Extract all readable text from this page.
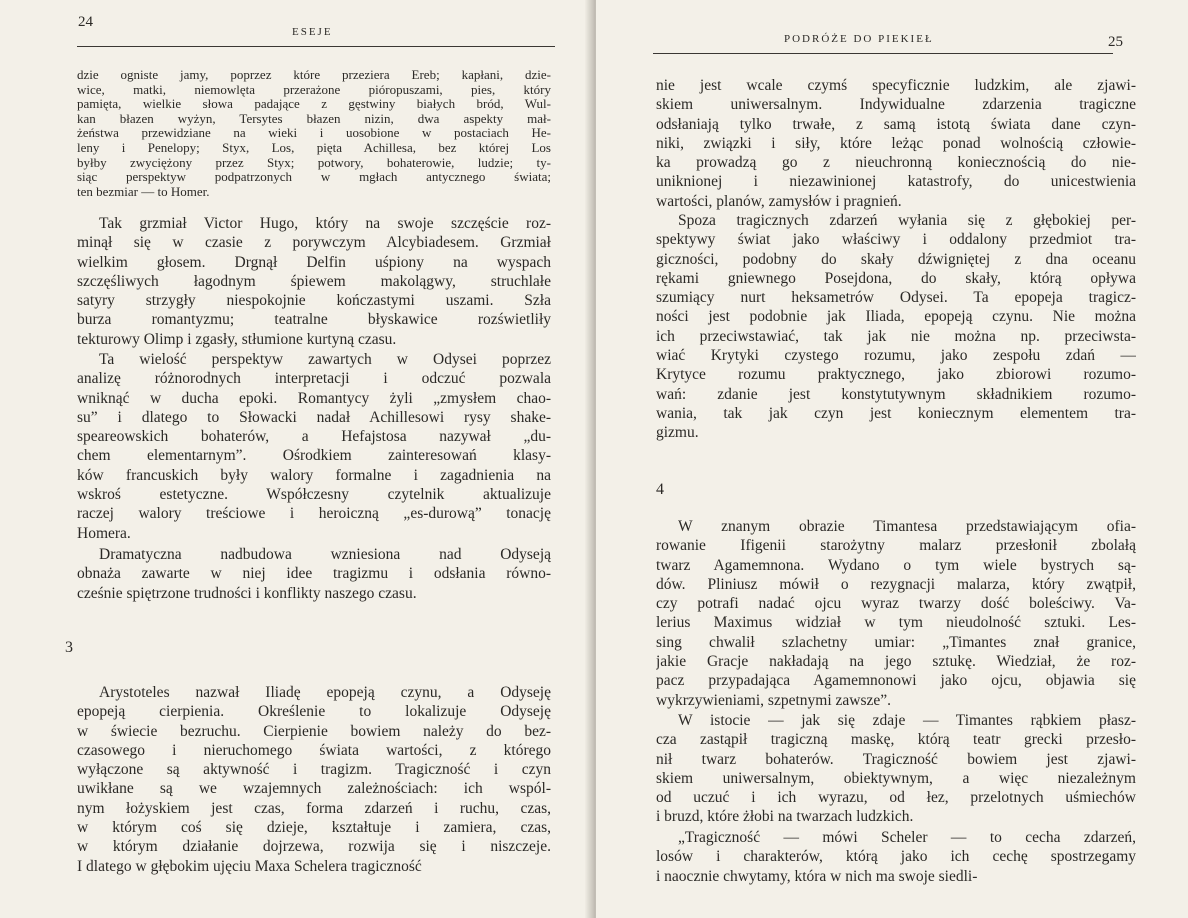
24
ESEJE
dzie ogniste jamy, poprzez które przeziera Ereb; kapłani, dzie-
wice, matki, niemowlęta przerażone pióropuszami, pies, który
pamięta, wielkie słowa padające z gęstwiny białych bród, Wul-
kan błazen wyżyn, Tersytes błazen nizin, dwa aspekty mał-
żeństwa przewidziane na wieki i uosobione w postaciach He-
leny i Penelopy; Styx, Los, pięta Achillesa, bez której Los
byłby zwyciężony przez Styx; potwory, bohaterowie, ludzie; ty-
siąc perspektyw podpatrzonych w mgłach antycznego świata;
ten bezmiar — to Homer.
Tak grzmiał Victor Hugo, który na swoje szczęście roz-
minął się w czasie z porywczym Alcybiadesem. Grzmiał
wielkim głosem. Drgnął Delfin uśpiony na wyspach
szczęśliwych łagodnym śpiewem makolągwy, struchlałe
satyry strzygły niespokojnie kończastymi uszami. Szła
burza romantyzmu; teatralne błyskawice rozświetliły
tekturowy Olimp i zgasły, stłumione kurtyną czasu.
Ta wielość perspektyw zawartych w Odysei poprzez
analizę różnorodnych interpretacji i odczuć pozwala
wniknąć w ducha epoki. Romantycy żyli „zmysłem chao-
su” i dlatego to Słowacki nadał Achillesowi rysy shake-
speareowskich bohaterów, a Hefajstosa nazywał „du-
chem elementarnym”. Ośrodkiem zainteresowań klasy-
ków francuskich były walory formalne i zagadnienia na
wskroś estetyczne. Współczesny czytelnik aktualizuje
raczej walory treściowe i heroiczną „es-durową” tonację
Homera.
Dramatyczna nadbudowa wzniesiona nad Odyseją
obnaża zawarte w niej idee tragizmu i odsłania równo-
cześnie spiętrzone trudności i konflikty naszego czasu.
3
Arystoteles nazwał Iliadę epopeją czynu, a Odyseję
epopeją cierpienia. Określenie to lokalizuje Odyseję
w świecie bezruchu. Cierpienie bowiem należy do bez-
czasowego i nieruchomego świata wartości, z którego
wyłączone są aktywność i tragizm. Tragiczność i czyn
uwikłane są we wzajemnych zależnościach: ich wspól-
nym łożyskiem jest czas, forma zdarzeń i ruchu, czas,
w którym coś się dzieje, kształtuje i zamiera, czas,
w którym działanie dojrzewa, rozwija się i niszczeje.
I dlatego w głębokim ujęciu Maxa Schelera tragiczność
PODRÓŻE DO PIEKIEŁ	25
nie jest wcale czymś specyficznie ludzkim, ale zjawi-
skiem uniwersalnym. Indywidualne zdarzenia tragiczne
odsłaniają tylko trwałe, z samą istotą świata dane czyn-
niki, związki i siły, które leżąc ponad wolnością człowie-
ka prowadzą go z nieuchronną koniecznością do nie-
uniknionej i niezawinionej katastrofy, do unicestwienia
wartości, planów, zamysłów i pragnień.
Spoza tragicznych zdarzeń wyłania się z głębokiej per-
spektywy świat jako właściwy i oddalony przedmiot tra-
giczności, podobny do skały dźwigniętej z dna oceanu
rękami gniewnego Posejdona, do skały, którą opływa
szumiący nurt heksametrów Odysei. Ta epopeja tragicz-
ności jest podobnie jak Iliada, epopeją czynu. Nie można
ich przeciwstawiać, tak jak nie można np. przeciwsta-
wiać Krytyki czystego rozumu, jako zespołu zdań —
Krytyce rozumu praktycznego, jako zbiorowi rozumo-
wań: zdanie jest konstytutywnym składnikiem rozumo-
wania, tak jak czyn jest koniecznym elementem tra-
gizmu.
4
W znanym obrazie Timantesa przedstawiającym ofia-
rowanie Ifigenii starożytny malarz przesłonił zbolałą
twarz Agamemnona. Wydano o tym wiele bystrych są-
dów. Pliniusz mówił o rezygnacji malarza, który zwątpił,
czy potrafi nadać ojcu wyraz twarzy dość boleściwy. Va-
lerius Maximus widział w tym nieudolność sztuki. Les-
sing chwalił szlachetny umiar: „Timantes znał granice,
jakie Gracje nakładają na jego sztukę. Wiedział, że roz-
pacz przypadająca Agamemnonowi jako ojcu, objawia się
wykrzywieniami, szpetnymi zawsze”.
W istocie — jak się zdaje — Timantes rąbkiem płasz-
cza zastąpił tragiczną maskę, którą teatr grecki przesło-
nił twarz bohaterów. Tragiczność bowiem jest zjawi-
skiem uniwersalnym, obiektywnym, a więc niezależnym
od uczuć i ich wyrazu, od łez, przelotnych uśmiechów
i bruzd, które żłobi na twarzach ludzkich.
„Tragiczność — mówi Scheler — to cecha zdarzeń,
losów i charakterów, którą jako ich cechę spostrzegamy
i naocznie chwytamy, która w nich ma swoje siedli-
